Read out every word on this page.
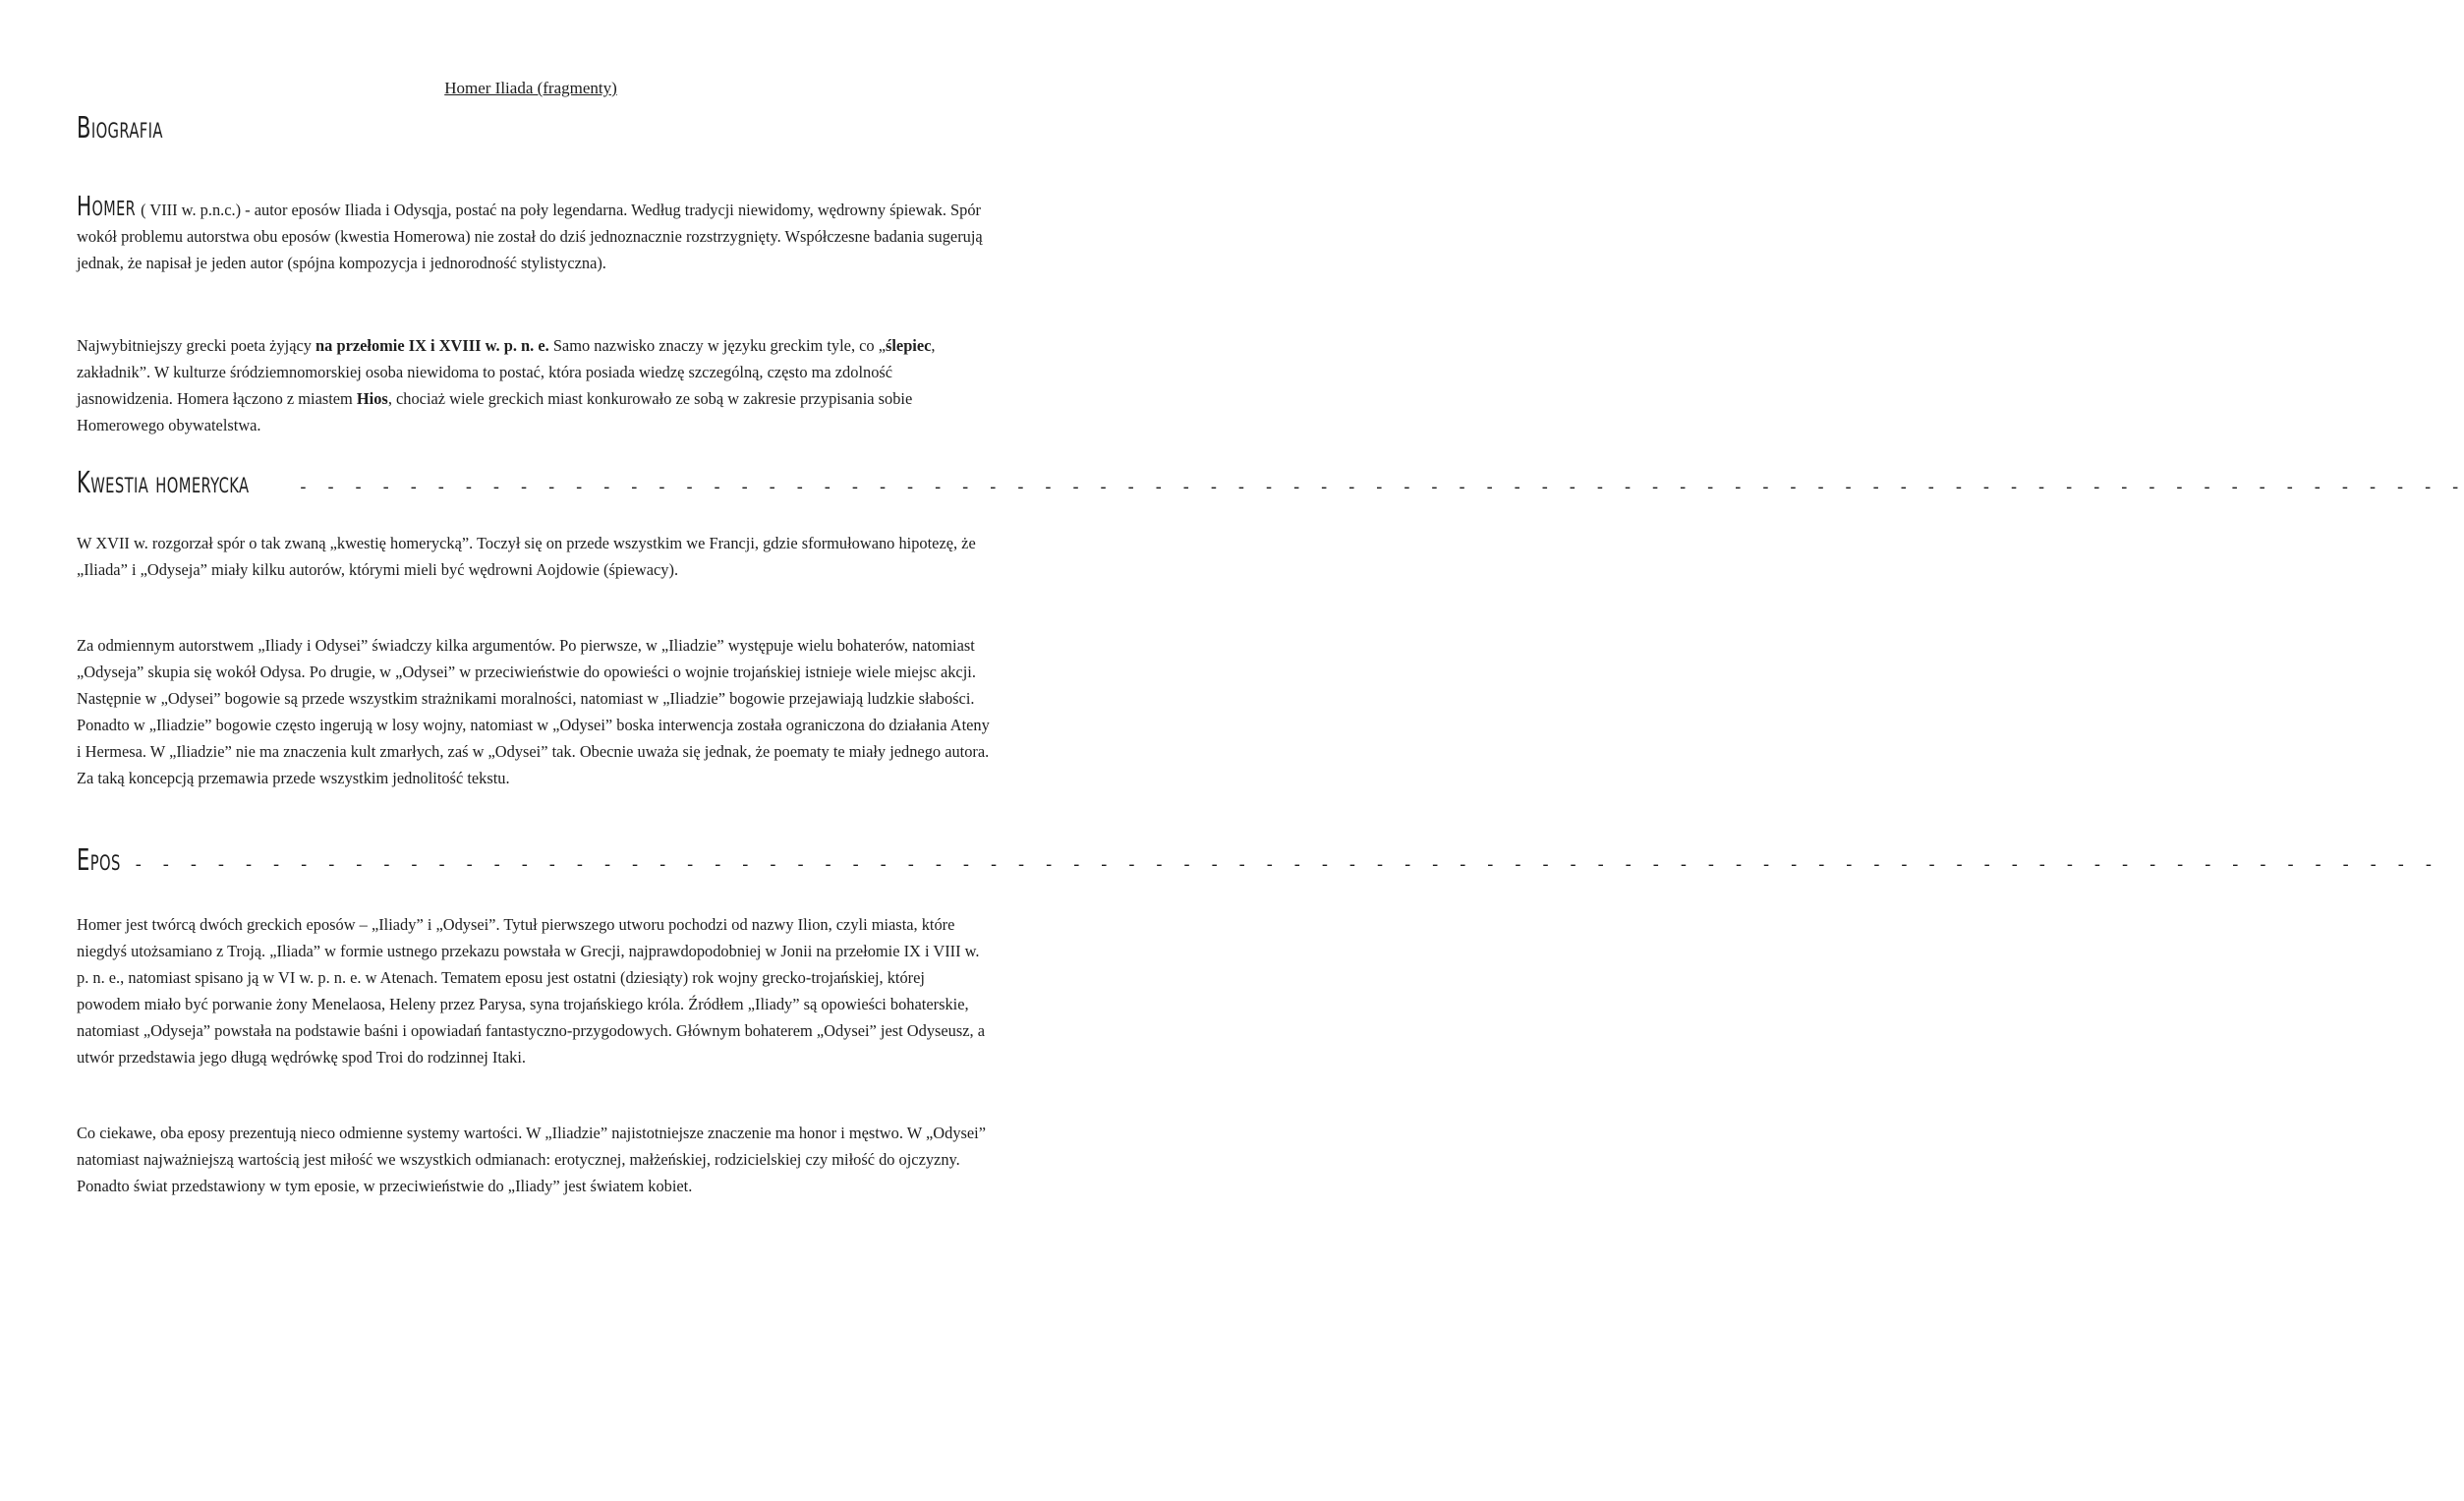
Homer Iliada (fragmenty)
Biografia

Homer ( VIII w. p.n.c.) - autor eposów Iliada i Odysqja, postać na poły legendarna. Według tradycji niewidomy, wędrowny śpiewak. Spór wokół problemu autorstwa obu eposów (kwestia Homerowa) nie został do dziś jednoznacznie rozstrzygnięty. Współczesne badania sugerują jednak, że napisał je jeden autor (spójna kompozycja i jednorodność stylistyczna).

Najwybitniejszy grecki poeta żyjący na przełomie IX i XVIII w. p. n. e. Samo nazwisko znaczy w języku greckim tyle, co „ślepiec, zakładnik”. W kulturze śródziemnomorskiej osoba niewidoma to postać, która posiada wiedzę szczególną, często ma zdolność jasnowidzenia. Homera łączono z miastem Hios, chociaż wiele greckich miast konkurowało ze sobą w zakresie przypisania sobie Homerowego obywatelstwa.

Kwestia homerycka	- - - - - - - - - - - - - - - - - - - - - - - - - - - - - - - - - - - - - - - - - - - - - - - - - - - - - - - - - - - - - - - - - - - - - - - - - - - - - - -

W XVII w. rozgorzał spór o tak zwaną „kwestię homerycką”. Toczył się on przede wszystkim we Francji, gdzie sformułowano hipotezę, że „Iliada” i „Odyseja” miały kilku autorów, którymi mieli być wędrowni Aojdowie (śpiewacy).

Za odmiennym autorstwem „Iliady i Odysei” świadczy kilka argumentów. Po pierwsze, w „Iliadzie” występuje wielu bohaterów, natomiast „Odyseja” skupia się wokół Odysa. Po drugie, w „Odysei” w przeciwieństwie do opowieści o wojnie trojańskiej istnieje wiele miejsc akcji. Następnie w „Odysei” bogowie są przede wszystkim strażnikami moralności, natomiast w „Iliadzie” bogowie przejawiają ludzkie słabości. Ponadto w „Iliadzie” bogowie często ingerują w losy wojny, natomiast w „Odysei” boska interwencja została ograniczona do działania Ateny i Hermesa. W „Iliadzie” nie ma znaczenia kult zmarłych, zaś w „Odysei” tak. Obecnie uważa się jednak, że poematy te miały jednego autora. Za taką koncepcją przemawia przede wszystkim jednolitość tekstu.

Epos - - - - - - - - - - - - - - - - - - - - - - - - - - - - - - - - - - - - - - - - - - - - - - - - - - - - - - - - - - - - - - - - - - - - - - - - - - - - - - - - - - - -

Homer jest twórcą dwóch greckich eposów – „Iliady” i „Odysei”. Tytuł pierwszego utworu pochodzi od nazwy Ilion, czyli miasta, które niegdyś utożsamiano z Troją. „Iliada” w formie ustnego przekazu powstała w Grecji, najprawdopodobniej w Jonii na przełomie IX i VIII w. p. n. e., natomiast spisano ją w VI w. p. n. e. w Atenach. Tematem eposu jest ostatni (dziesiąty) rok wojny grecko-trojańskiej, której powodem miało być porwanie żony Menelaosa, Heleny przez Parysa, syna trojańskiego króla. Źródłem „Iliady” są opowieści bohaterskie, natomiast „Odyseja” powstała na podstawie baśni i opowiadań fantastyczno-przygodowych. Głównym bohaterem „Odysei” jest Odyseusz, a utwór przedstawia jego długą wędrówkę spod Troi do rodzinnej Itaki.

Co ciekawe, oba eposy prezentują nieco odmienne systemy wartości. W „Iliadzie” najistotniejsze znaczenie ma honor i męstwo. W „Odysei” natomiast najważniejszą wartością jest miłość we wszystkich odmianach: erotycznej, małżeńskiej, rodzicielskiej czy miłość do ojczyzny. Ponadto świat przedstawiony w tym eposie, w przeciwieństwie do „Iliady” jest światem kobiet.
